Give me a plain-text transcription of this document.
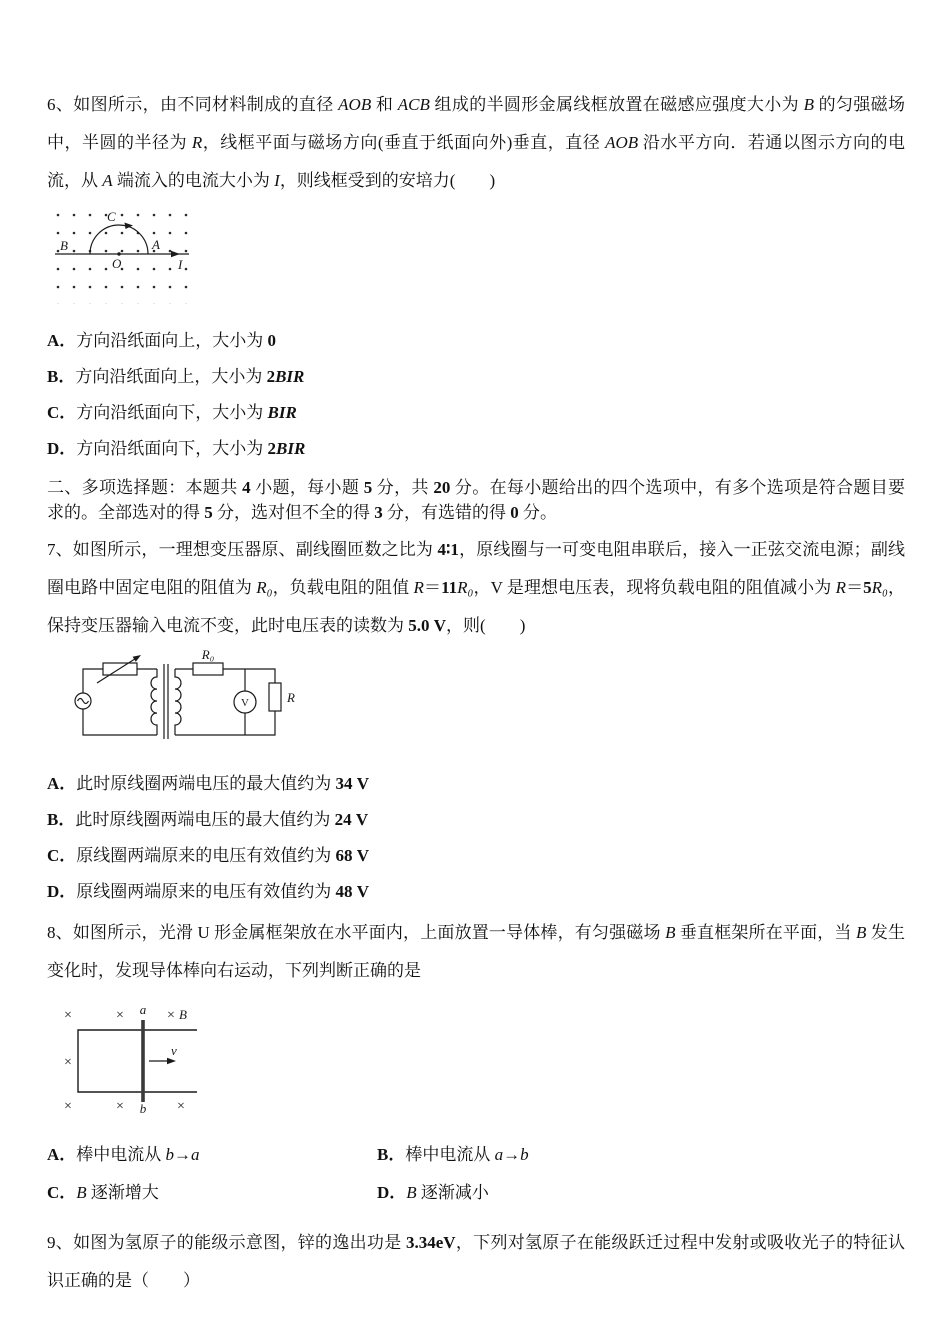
6、如图所示，由不同材料制成的直径 AOB 和 ACB 组成的半圆形金属线框放置在磁感应强度大小为 B 的匀强磁场中，半圆的半径为 R，线框平面与磁场方向(垂直于纸面向外)垂直，直径 AOB 沿水平方向．若通以图示方向的电流，从 A 端流入的电流大小为 I，则线框受到的安培力(　　)

B
O
A
C
I
A．方向沿纸面向上，大小为 0
B．方向沿纸面向上，大小为 2BIR
C．方向沿纸面向下，大小为 BIR
D．方向沿纸面向下，大小为 2BIR

二、多项选择题：本题共 4 小题，每小题 5 分，共 20 分。在每小题给出的四个选项中，有多个选项是符合题目要求的。全部选对的得 5 分，选对但不全的得 3 分，有选错的得 0 分。

7、如图所示，一理想变压器原、副线圈匝数之比为 4∶1，原线圈与一可变电阻串联后，接入一正弦交流电源；副线圈电路中固定电阻的阻值为 R₀，负载电阻的阻值 R＝11R₀，V 是理想电压表，现将负载电阻的阻值减小为 R＝5R₀，保持变压器输入电流不变，此时电压表的读数为 5.0 V，则(　　)

R₀
V	R
A．此时原线圈两端电压的最大值约为 34 V
B．此时原线圈两端电压的最大值约为 24 V
C．原线圈两端原来的电压有效值约为 68 V
D．原线圈两端原来的电压有效值约为 48 V

8、如图所示，光滑 U 形金属框架放在水平面内，上面放置一导体棒，有匀强磁场 B 垂直框架所在平面，当 B 发生变化时，发现导体棒向右运动，下列判断正确的是

a
b
v
×	×	× B
×
×	×	×
A．棒中电流从 b→a	B．棒中电流从 a→b
C．B 逐渐增大	D．B 逐渐减小

9、如图为氢原子的能级示意图，锌的逸出功是 3.34eV，下列对氢原子在能级跃迁过程中发射或吸收光子的特征认识正确的是（　　）
